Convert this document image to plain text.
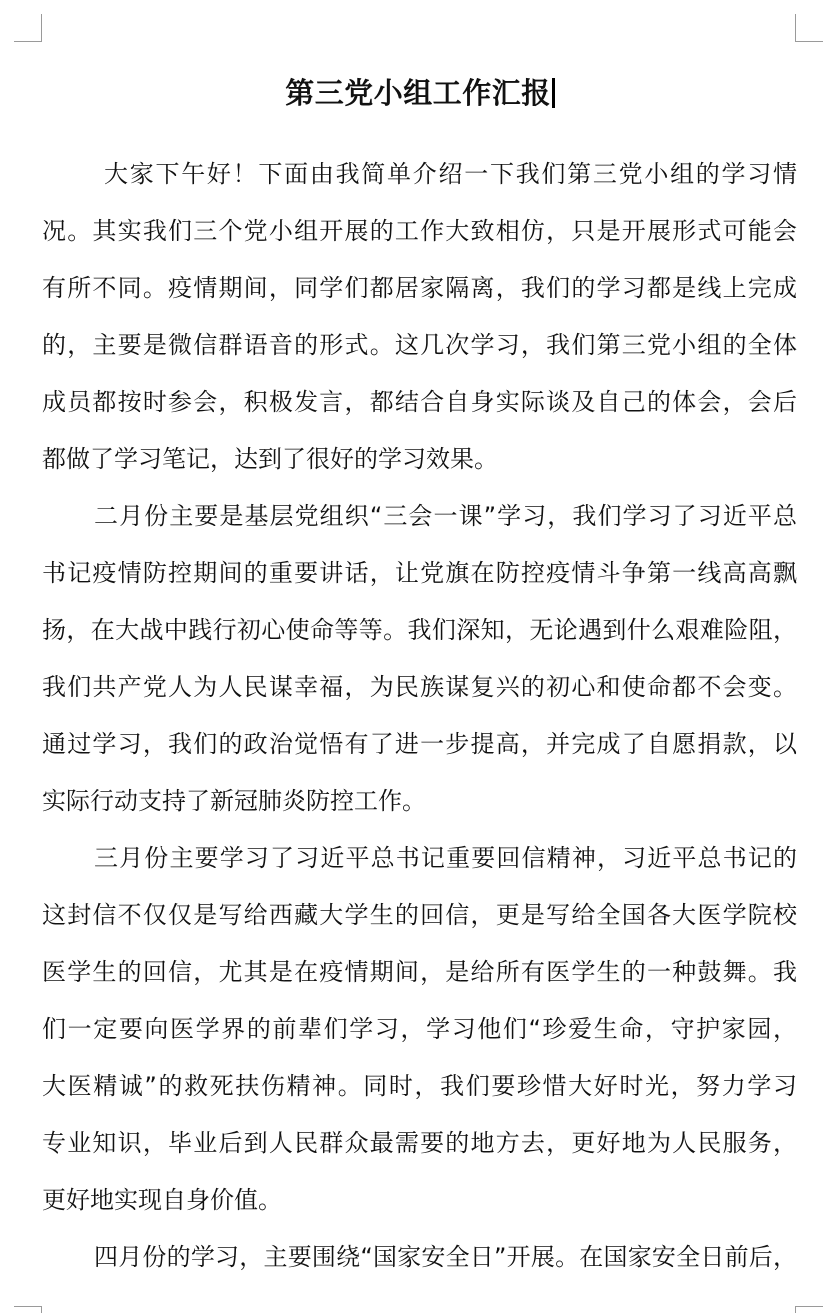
第三党小组工作汇报
大家下午好！下面由我简单介绍一下我们第三党小组的学习情
况。其实我们三个党小组开展的工作大致相仿，只是开展形式可能会
有所不同。疫情期间，同学们都居家隔离，我们的学习都是线上完成
的，主要是微信群语音的形式。这几次学习，我们第三党小组的全体
成员都按时参会，积极发言，都结合自身实际谈及自己的体会，会后
都做了学习笔记，达到了很好的学习效果。
二月份主要是基层党组织“三会一课”学习，我们学习了习近平总
书记疫情防控期间的重要讲话，让党旗在防控疫情斗争第一线高高飘
扬，在大战中践行初心使命等等。我们深知，无论遇到什么艰难险阻，
我们共产党人为人民谋幸福，为民族谋复兴的初心和使命都不会变。
通过学习，我们的政治觉悟有了进一步提高，并完成了自愿捐款，以
实际行动支持了新冠肺炎防控工作。
三月份主要学习了习近平总书记重要回信精神，习近平总书记的
这封信不仅仅是写给西藏大学生的回信，更是写给全国各大医学院校
医学生的回信，尤其是在疫情期间，是给所有医学生的一种鼓舞。我
们一定要向医学界的前辈们学习，学习他们“珍爱生命，守护家园，
大医精诚”的救死扶伤精神。同时，我们要珍惜大好时光，努力学习
专业知识，毕业后到人民群众最需要的地方去，更好地为人民服务，
更好地实现自身价值。
四月份的学习，主要围绕“国家安全日”开展。在国家安全日前后，
